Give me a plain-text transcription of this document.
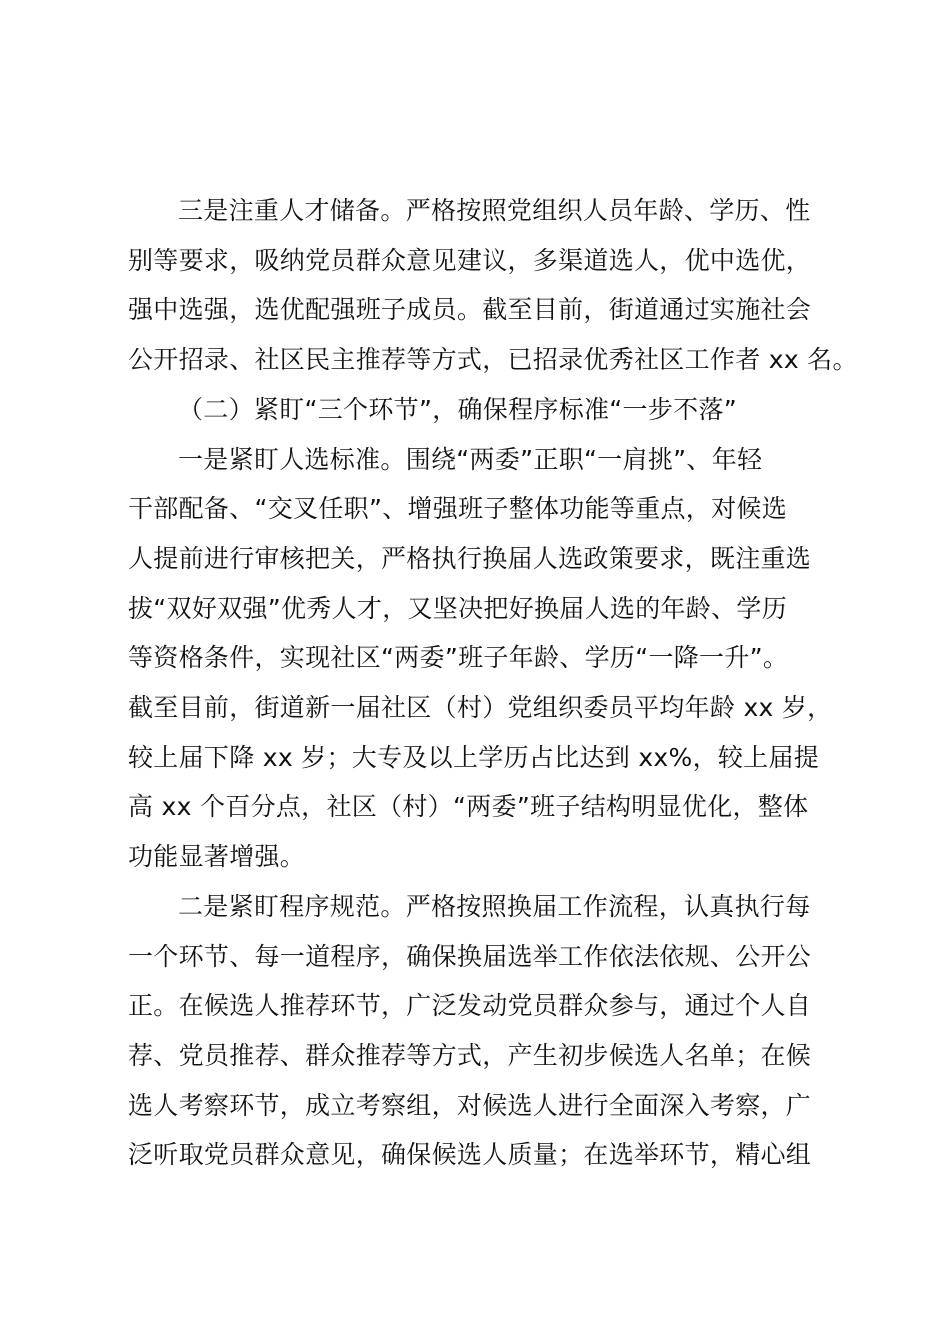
三是注重人才储备。严格按照党组织人员年龄、学历、性
别等要求，吸纳党员群众意见建议，多渠道选人，优中选优，
强中选强，选优配强班子成员。截至目前，街道通过实施社会
公开招录、社区民主推荐等方式，已招录优秀社区工作者 xx 名。

（二）紧盯“三个环节”，确保程序标准“一步不落”

一是紧盯人选标准。围绕“两委”正职“一肩挑”、年轻
干部配备、“交叉任职”、增强班子整体功能等重点，对候选
人提前进行审核把关，严格执行换届人选政策要求，既注重选
拔“双好双强”优秀人才，又坚决把好换届人选的年龄、学历
等资格条件，实现社区“两委”班子年龄、学历“一降一升”。
截至目前，街道新一届社区（村）党组织委员平均年龄 xx 岁，
较上届下降 xx 岁；大专及以上学历占比达到 xx%，较上届提
高 xx 个百分点，社区（村）“两委”班子结构明显优化，整体
功能显著增强。

二是紧盯程序规范。严格按照换届工作流程，认真执行每
一个环节、每一道程序，确保换届选举工作依法依规、公开公
正。在候选人推荐环节，广泛发动党员群众参与，通过个人自
荐、党员推荐、群众推荐等方式，产生初步候选人名单；在候
选人考察环节，成立考察组，对候选人进行全面深入考察，广
泛听取党员群众意见，确保候选人质量；在选举环节，精心组
